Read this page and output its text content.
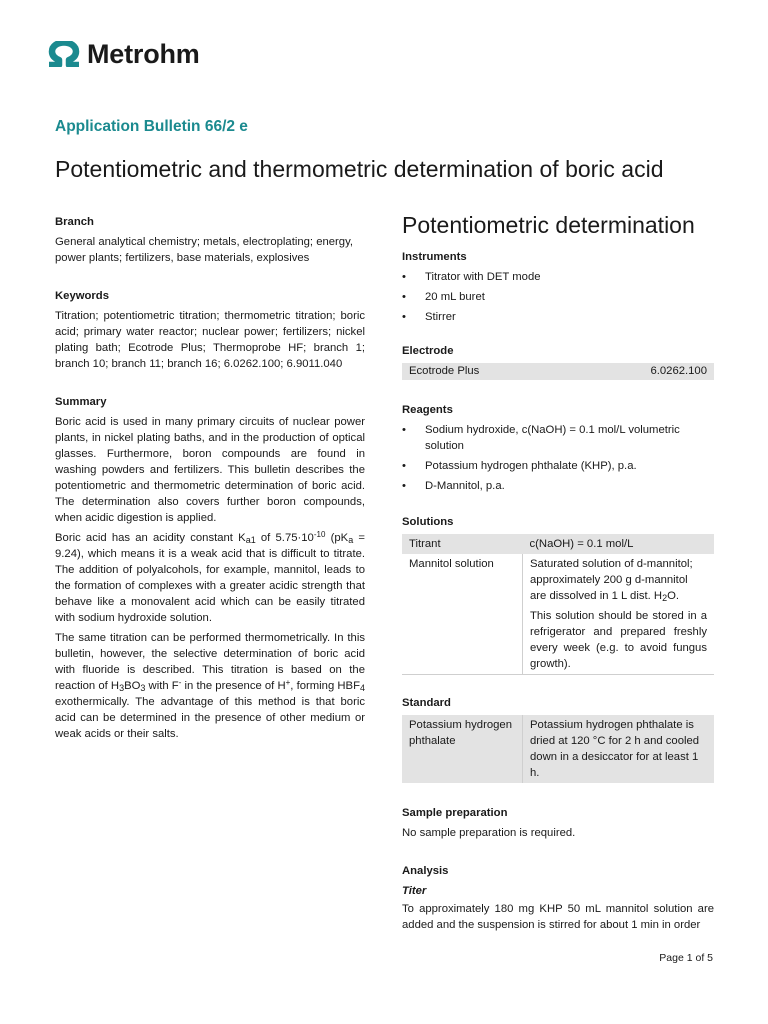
Metrohm
Application Bulletin 66/2 e
Potentiometric and thermometric determination of boric acid
Branch

General analytical chemistry; metals, electroplating; energy, power plants; fertilizers, base materials, explosives

Keywords

Titration; potentiometric titration; thermometric titration; boric acid; primary water reactor; nuclear power; fertilizers; nickel plating bath; Ecotrode Plus; Thermoprobe HF; branch 1; branch 10; branch 11; branch 16; 6.0262.100; 6.9011.040

Summary

Boric acid is used in many primary circuits of nuclear power plants, in nickel plating baths, and in the production of optical glasses. Furthermore, boron compounds are found in washing powders and fertilizers. This bulletin describes the potentiometric and thermometric determination of boric acid. The determination also covers further boron compounds, when acidic digestion is applied.

Boric acid has an acidity constant $K_{a1}$ of $5.75\cdot 10^{-10}$ $(pK_a = 9.24)$, which means it is a weak acid that is difficult to titrate. The addition of polyalcohols, for example, mannitol, leads to the formation of complexes with a greater acidic strength that behave like a monovalent acid which can be easily titrated with sodium hydroxide solution.

The same titration can be performed thermometrically. In this bulletin, however, the selective determination of boric acid with fluoride is described. This titration is based on the reaction of $H_3BO_3$ with F- in the presence of H+, forming $HBF_4$ exothermically. The advantage of this method is that boric acid can be determined in the presence of other medium or weak acids or their salts.

Potentiometric determination
Instruments
• Titrator with DET mode
• 20 mL buret
• Stirrer
Electrode
Ecotrode Plus	6.0262.100
Reagents
• Sodium hydroxide, c(NaOH) = 0.1 mol/L volumetric solution
• Potassium hydrogen phthalate (KHP), p.a.
• D-Mannitol, p.a.
Solutions
Titrant	c(NaOH) = 0.1 mol/L
Mannitol solution	Saturated solution of d-mannitol; approximately 200 g d-mannitol are dissolved in 1 L dist. $H_2O$.

This solution should be stored in a refrigerator and prepared freshly every week (e.g. to avoid fungus growth).

Standard
Potassium hydrogen phthalate	Potassium hydrogen phthalate is dried at 120 °C for 2 h and cooled down in a desiccator for at least 1 h.
Sample preparation

No sample preparation is required.

Analysis
Titer

To approximately 180 mg KHP 50 mL mannitol solution are added and the suspension is stirred for about 1 min in order

Page 1 of 5
